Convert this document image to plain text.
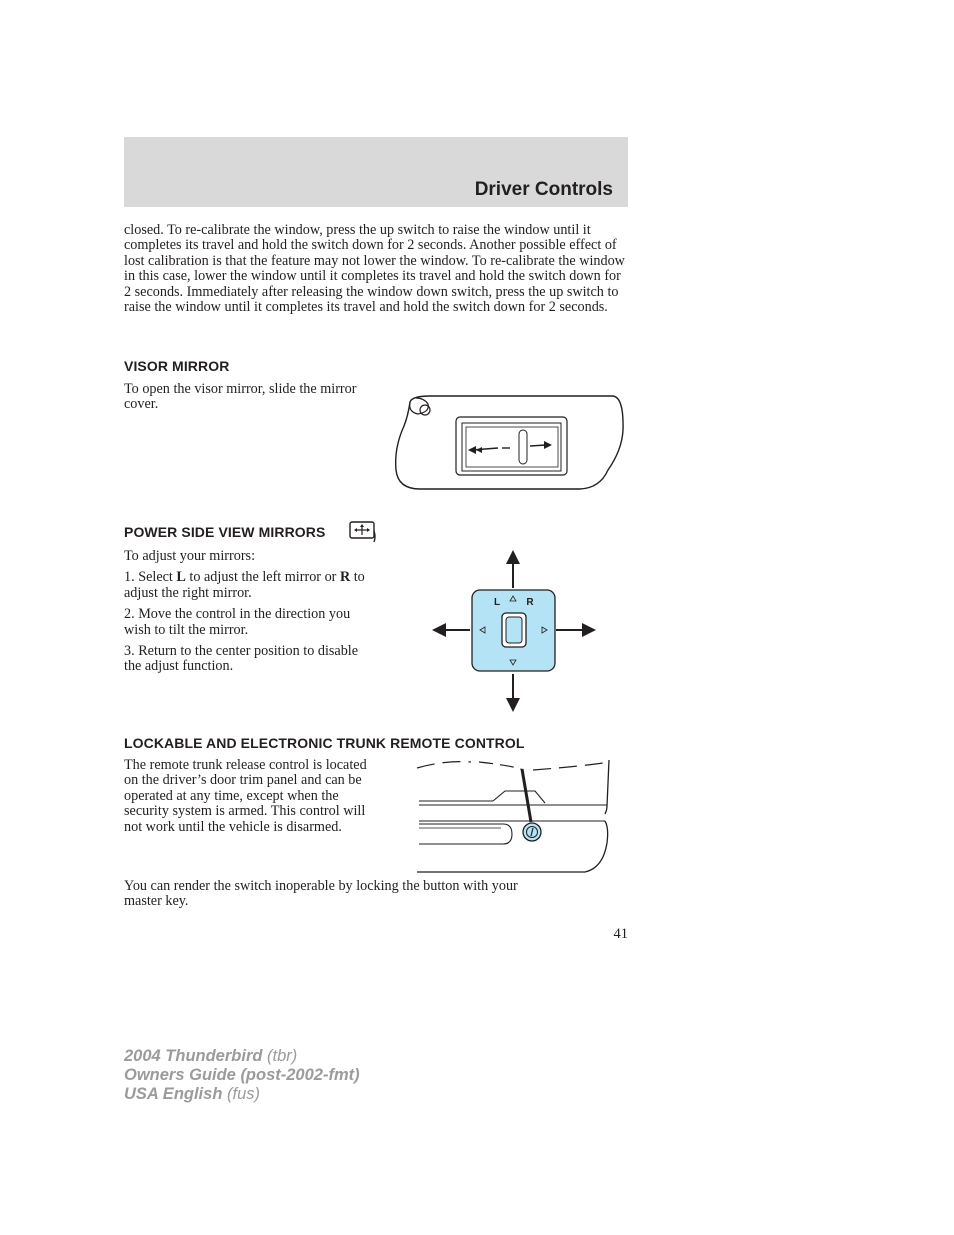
Driver Controls
closed. To re-calibrate the window, press the up switch to raise the window until it completes its travel and hold the switch down for 2 seconds. Another possible effect of lost calibration is that the feature may not lower the window. To re-calibrate the window in this case, lower the window until it completes its travel and hold the switch down for 2 seconds. Immediately after releasing the window down switch, press the up switch to raise the window until it completes its travel and hold the switch down for 2 seconds.
VISOR MIRROR
To open the visor mirror, slide the mirror cover.
POWER SIDE VIEW MIRRORS

To adjust your mirrors:

1. Select L to adjust the left mirror or R to adjust the right mirror.

2. Move the control in the direction you wish to tilt the mirror.

3. Return to the center position to disable the adjust function.

L	R
LOCKABLE AND ELECTRONIC TRUNK REMOTE CONTROL
The remote trunk release control is located on the driver’s door trim panel and can be operated at any time, except when the security system is armed. This control will not work until the vehicle is disarmed.
You can render the switch inoperable by locking the button with your master key.
41
2004 Thunderbird (tbr)
Owners Guide (post-2002-fmt)
USA English (fus)
